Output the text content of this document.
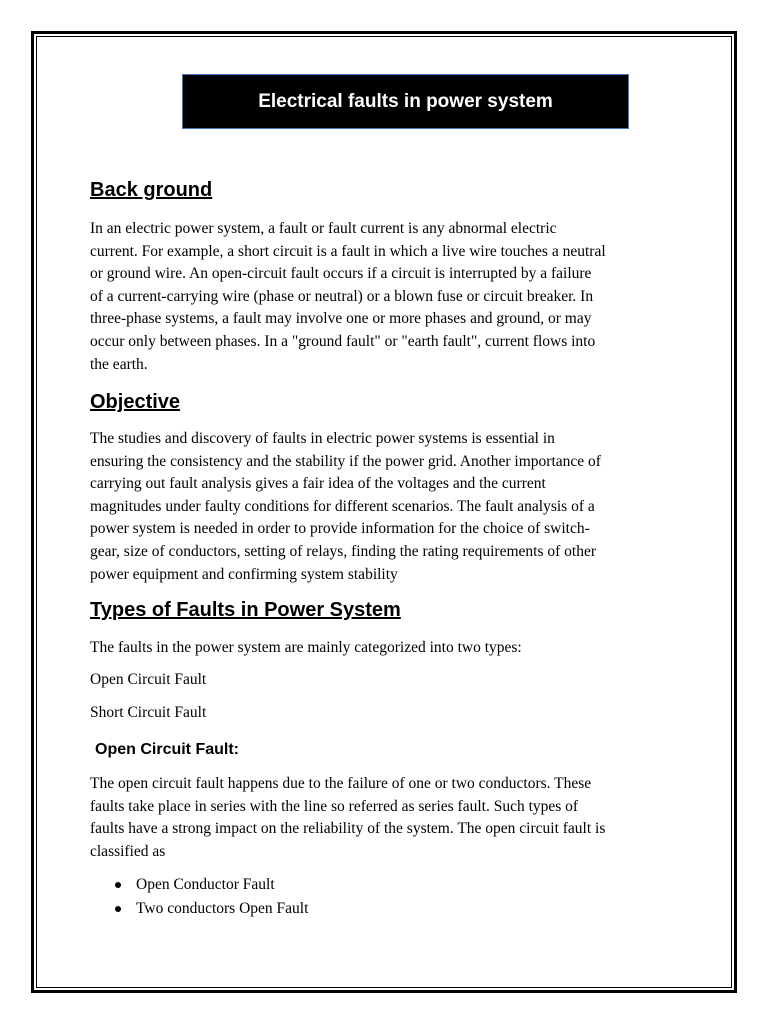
Electrical faults in power system
Back ground

In an electric power system, a fault or fault current is any abnormal electric
current. For example, a short circuit is a fault in which a live wire touches a neutral
or ground wire. An open-circuit fault occurs if a circuit is interrupted by a failure
of a current-carrying wire (phase or neutral) or a blown fuse or circuit breaker. In
three-phase systems, a fault may involve one or more phases and ground, or may
occur only between phases. In a "ground fault" or "earth fault", current flows into
the earth.

Objective

The studies and discovery of faults in electric power systems is essential in
ensuring the consistency and the stability if the power grid. Another importance of
carrying out fault analysis gives a fair idea of the voltages and the current
magnitudes under faulty conditions for different scenarios. The fault analysis of a
power system is needed in order to provide information for the choice of switch-
gear, size of conductors, setting of relays, finding the rating requirements of other
power equipment and confirming system stability

Types of Faults in Power System

The faults in the power system are mainly categorized into two types:

Open Circuit Fault

Short Circuit Fault

Open Circuit Fault:

The open circuit fault happens due to the failure of one or two conductors. These
faults take place in series with the line so referred as series fault. Such types of
faults have a strong impact on the reliability of the system. The open circuit fault is
classified as

Open Conductor Fault
Two conductors Open Fault
